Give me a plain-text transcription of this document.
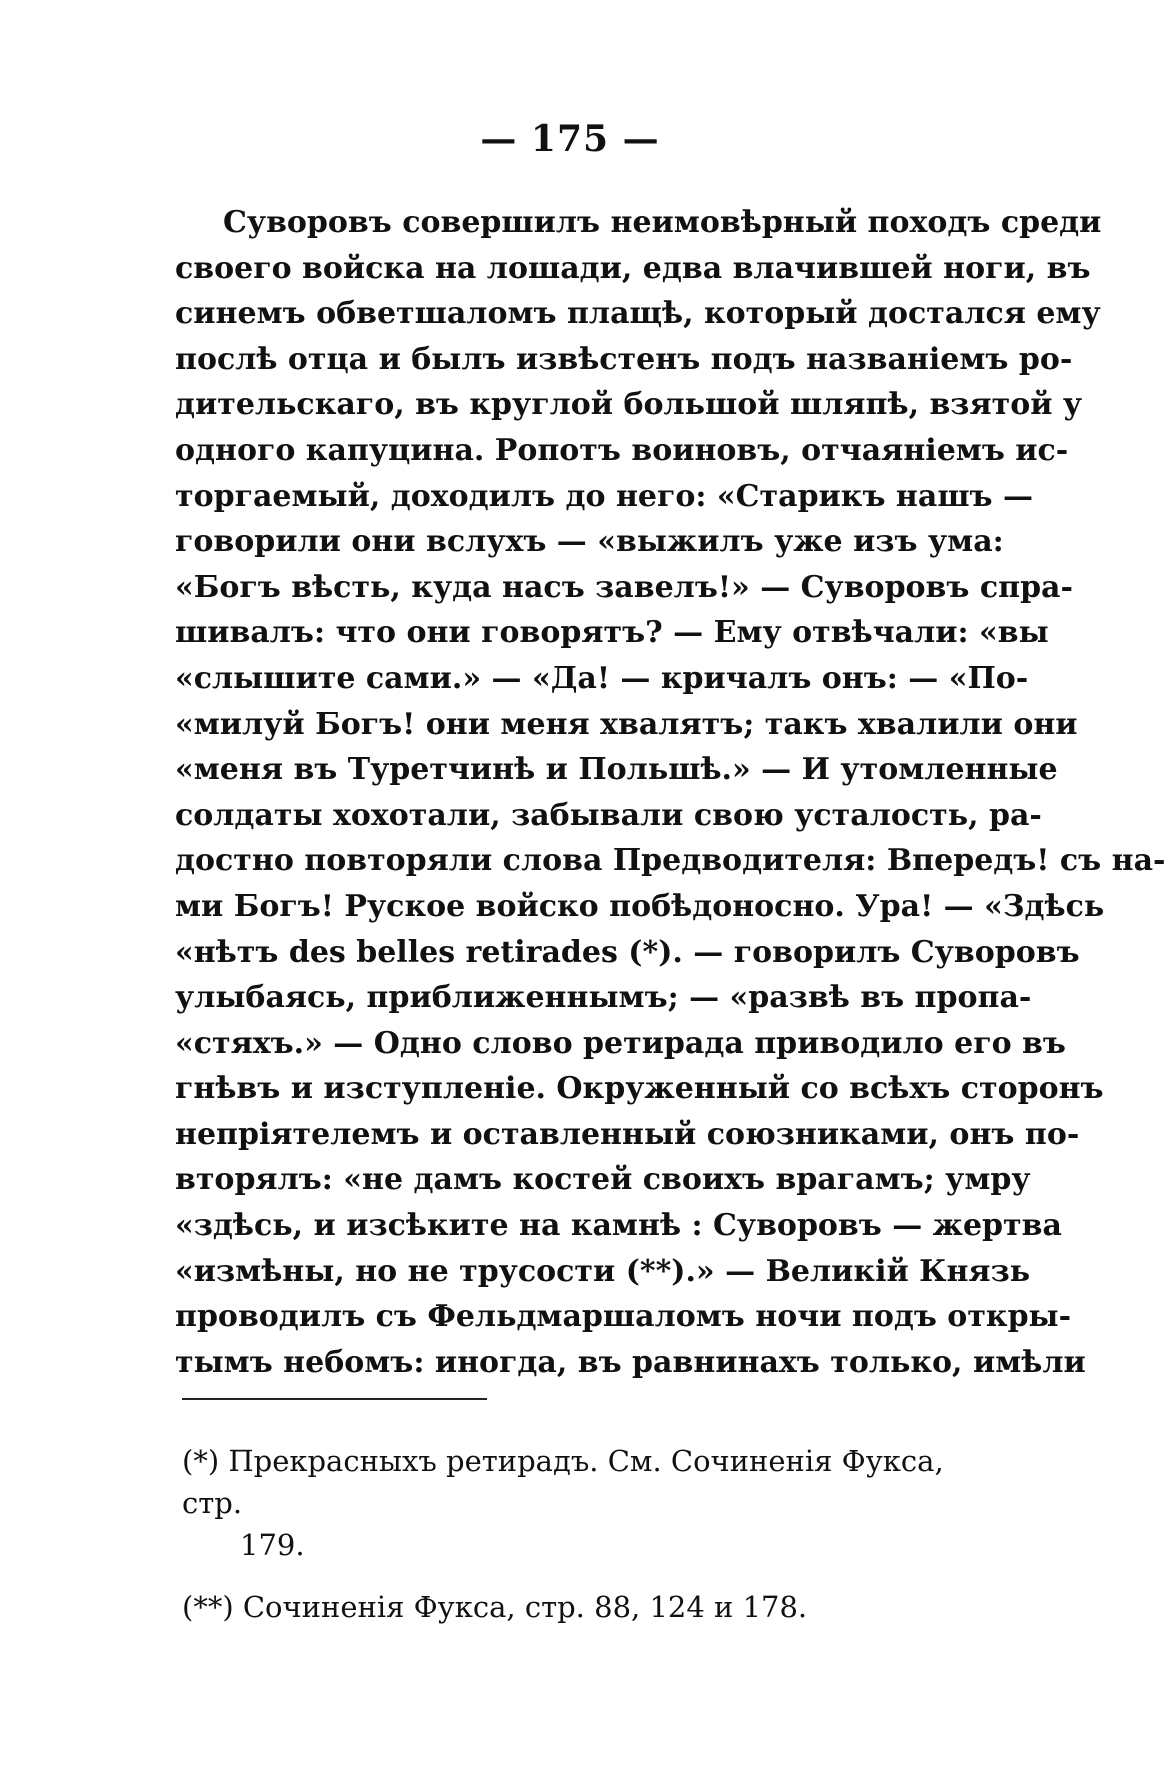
— 175 —
Суворовъ совершилъ неимовѣрный походъ среди
своего войска на лошади, едва влачившей ноги, въ
синемъ обветшаломъ плащѣ, который достался ему
послѣ отца и былъ извѣстенъ подъ названіемъ ро-
дительскаго, въ круглой большой шляпѣ, взятой у
одного капуцина. Ропотъ воиновъ, отчаяніемъ ис-
торгаемый, доходилъ до него: «Старикъ нашъ —
говорили они вслухъ — «выжилъ уже изъ ума:
«Богъ вѣсть, куда насъ завелъ!» — Суворовъ спра-
шивалъ: что они говорятъ? — Ему отвѣчали: «вы
«слышите сами.» — «Да! — кричалъ онъ: — «По-
«милуй Богъ! они меня хвалятъ; такъ хвалили они
«меня въ Туретчинѣ и Польшѣ.» — И утомленные
солдаты хохотали, забывали свою усталость, ра-
достно повторяли слова Предводителя: Впередъ! съ на-
ми Богъ! Руское войско побѣдоносно. Ура! — «Здѣсь
«нѣтъ des belles retirades (*). — говорилъ Суворовъ
улыбаясь, приближеннымъ; — «развѣ въ пропа-
«стяхъ.» — Одно слово ретирада приводило его въ
гнѣвъ и изступленіе. Окруженный со всѣхъ сторонъ
непріятелемъ и оставленный союзниками, онъ по-
вторялъ: «не дамъ костей своихъ врагамъ; умру
«здѣсь, и изсѣките на камнѣ : Суворовъ — жертва
«измѣны, но не трусости (**).» — Великій Князь
проводилъ съ Фельдмаршаломъ ночи подъ откры-
тымъ небомъ: иногда, въ равнинахъ только, имѣли
(*) Прекрасныхъ ретирадъ. См. Сочиненія Фукса, стр.
179.
(**) Сочиненія Фукса, стр. 88, 124 и 178.
